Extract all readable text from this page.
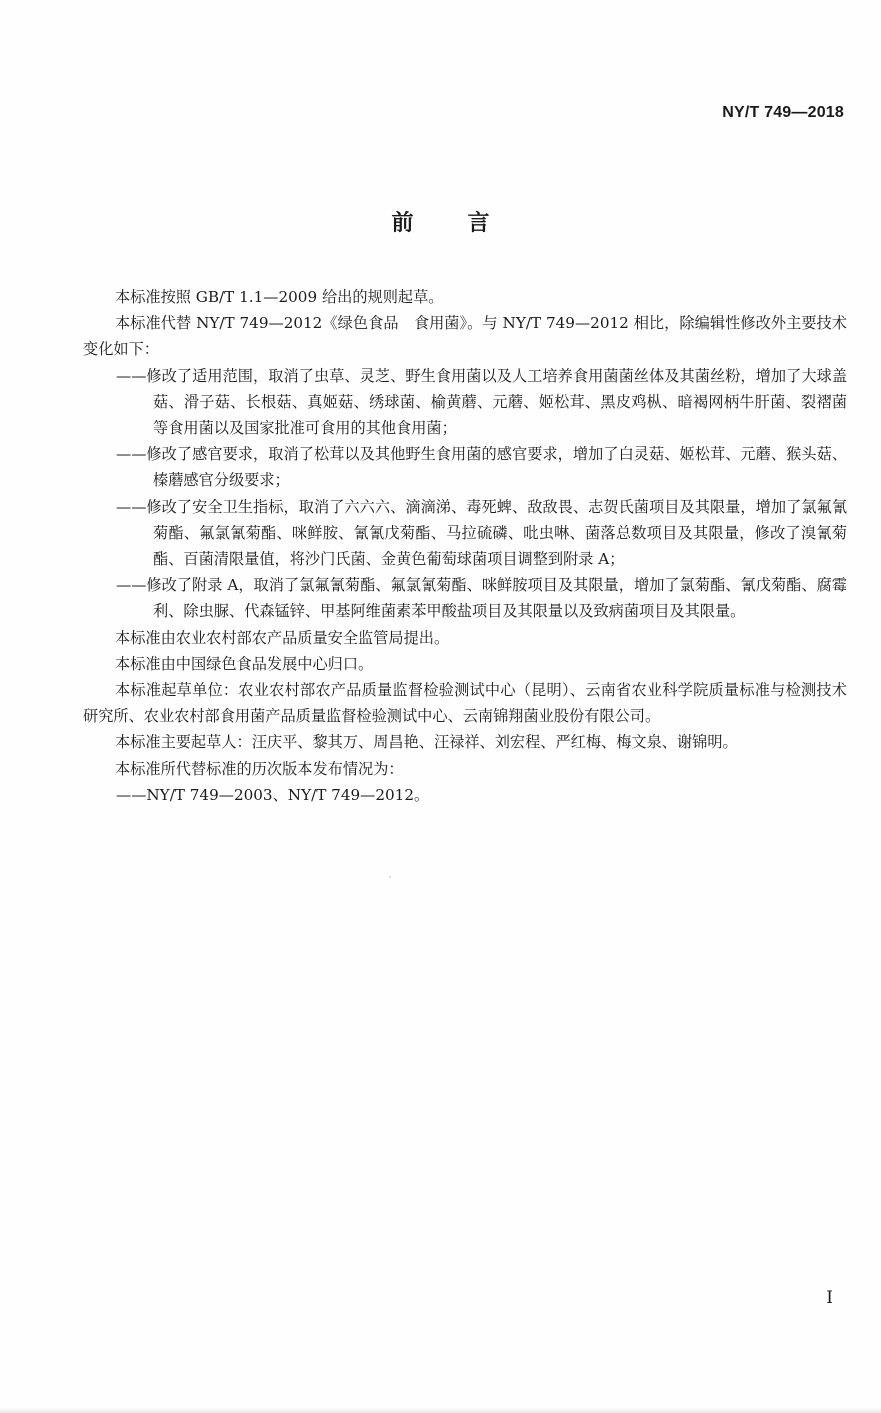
NY/T 749—2018
前言

本标准按照 GB/T 1.1—2009 给出的规则起草。

本标准代替 NY/T 749—2012《绿色食品　食用菌》。与 NY/T 749—2012 相比，除编辑性修改外主要技术变化如下：

——修改了适用范围，取消了虫草、灵芝、野生食用菌以及人工培养食用菌菌丝体及其菌丝粉，增加了大球盖菇、滑子菇、长根菇、真姬菇、绣球菌、榆黄蘑、元蘑、姬松茸、黑皮鸡枞、暗褐网柄牛肝菌、裂褶菌等食用菌以及国家批准可食用的其他食用菌；

——修改了感官要求，取消了松茸以及其他野生食用菌的感官要求，增加了白灵菇、姬松茸、元蘑、猴头菇、榛蘑感官分级要求；

——修改了安全卫生指标，取消了六六六、滴滴涕、毒死蜱、敌敌畏、志贺氏菌项目及其限量，增加了氯氟氰菊酯、氟氯氰菊酯、咪鲜胺、氰氰戊菊酯、马拉硫磷、吡虫啉、菌落总数项目及其限量，修改了溴氰菊酯、百菌清限量值，将沙门氏菌、金黄色葡萄球菌项目调整到附录 A；

——修改了附录 A，取消了氯氟氰菊酯、氟氯氰菊酯、咪鲜胺项目及其限量，增加了氯菊酯、氰戊菊酯、腐霉利、除虫脲、代森锰锌、甲基阿维菌素苯甲酸盐项目及其限量以及致病菌项目及其限量。

本标准由农业农村部农产品质量安全监管局提出。

本标准由中国绿色食品发展中心归口。

本标准起草单位：农业农村部农产品质量监督检验测试中心（昆明）、云南省农业科学院质量标准与检测技术研究所、农业农村部食用菌产品质量监督检验测试中心、云南锦翔菌业股份有限公司。

本标准主要起草人：汪庆平、黎其万、周昌艳、汪禄祥、刘宏程、严红梅、梅文泉、谢锦明。

本标准所代替标准的历次版本发布情况为：

——NY/T 749—2003、NY/T 749—2012。

I
